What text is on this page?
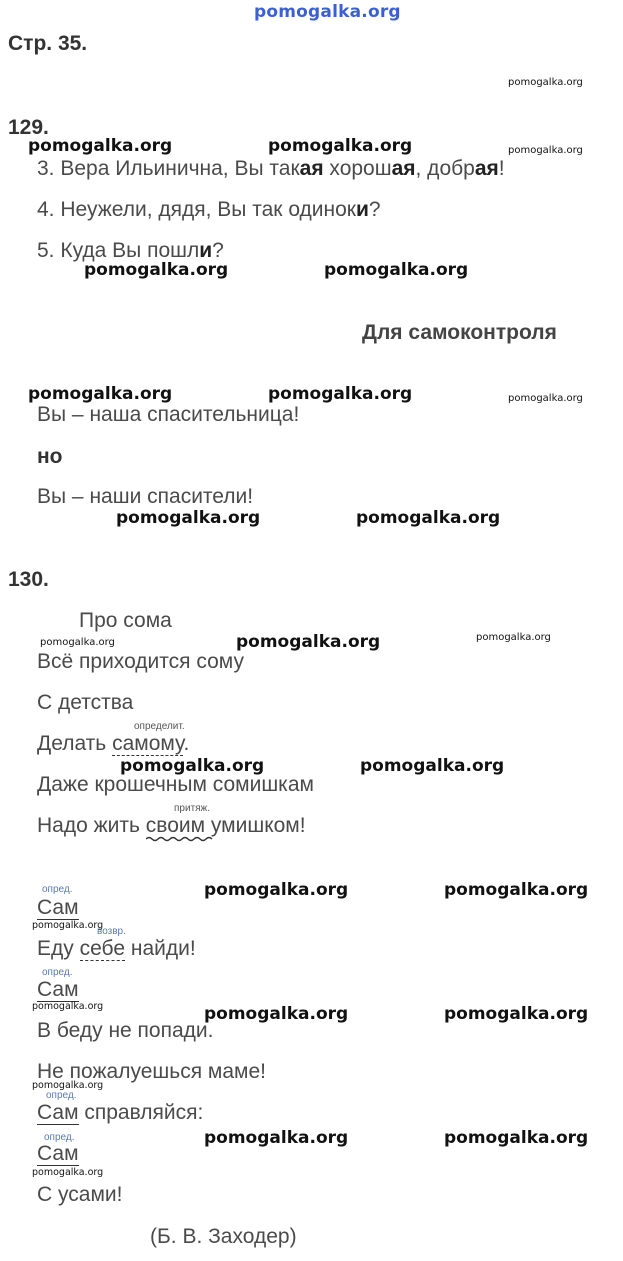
pomogalka.org
Стр. 35.
pomogalka.org
129.
pomogalka.org	pomogalka.org	pomogalka.org
3. Вера Ильинична, Вы такая хорошая, добрая!
4. Неужели, дядя, Вы так одиноки?
5. Куда Вы пошли?
pomogalka.org	pomogalka.org
Для самоконтроля
pomogalka.org	pomogalka.org	pomogalka.org
Вы – наша спасительница!
но
Вы – наши спасители!
pomogalka.org	pomogalka.org
130.
Про сома
pomogalka.org	pomogalka.org	pomogalka.org
Всё приходится сому
С детства
определит.
Делать самому.
pomogalka.org	pomogalka.org
Даже крошечным сомишкам
притяж.
Надо жить своим
умишком!
опред.	pomogalka.org	pomogalka.org
Сам
pomogalka.org
возвр.
Еду себе найди!
опред.
Сам
pomogalka.org	pomogalka.org	pomogalka.org
В беду не попади.
Не пожалуешься маме!
pomogalka.org
опред.
Сам справляйся:
опред.	pomogalka.org	pomogalka.org
Сам
pomogalka.org
С усами!
(Б. В. Заходер)
